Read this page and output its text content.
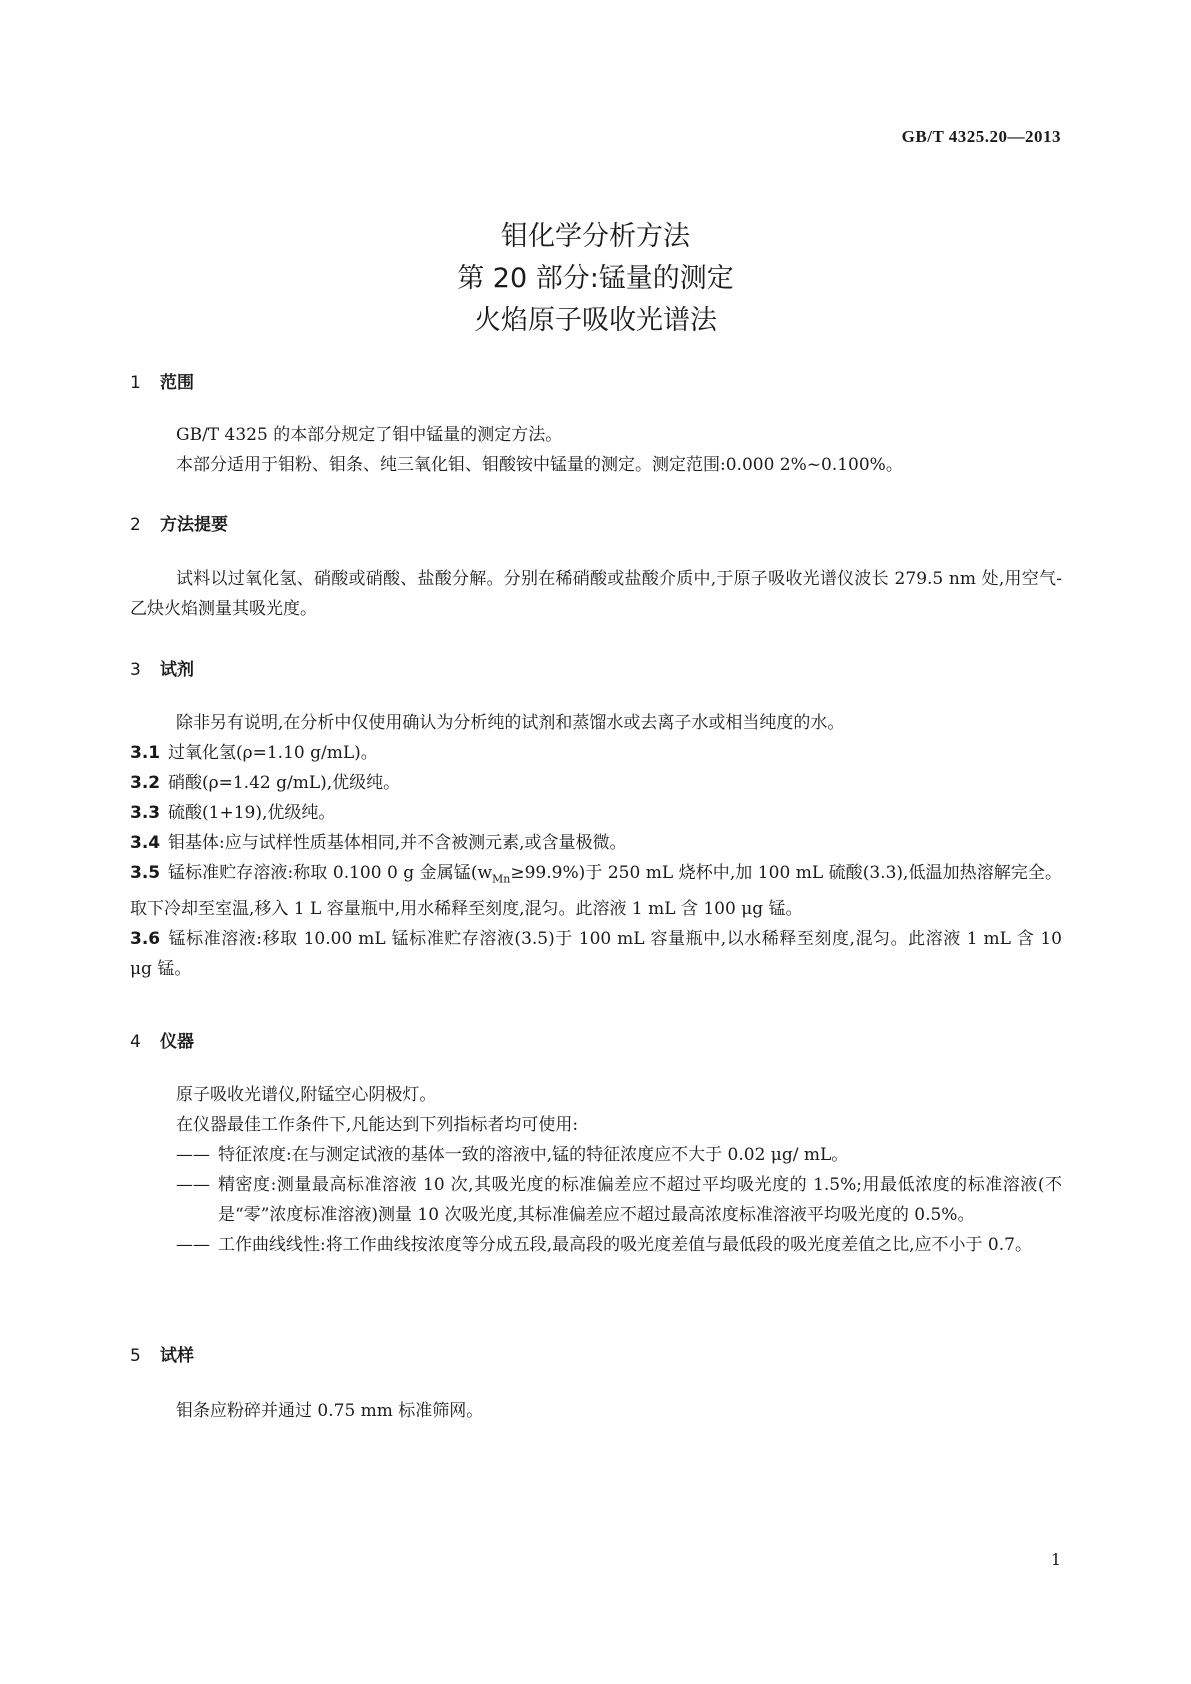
GB/T 4325.20—2013
钼化学分析方法
第 20 部分:锰量的测定
火焰原子吸收光谱法
1 范围
GB/T 4325 的本部分规定了钼中锰量的测定方法。
本部分适用于钼粉、钼条、纯三氧化钼、钼酸铵中锰量的测定。测定范围:0.000 2%~0.100%。
2 方法提要
试料以过氧化氢、硝酸或硝酸、盐酸分解。分别在稀硝酸或盐酸介质中,于原子吸收光谱仪波长 279.5 nm 处,用空气-乙炔火焰测量其吸光度。
3 试剂
除非另有说明,在分析中仅使用确认为分析纯的试剂和蒸馏水或去离子水或相当纯度的水。
3.1 过氧化氢(ρ=1.10 g/mL)。
3.2 硝酸(ρ=1.42 g/mL),优级纯。
3.3 硫酸(1+19),优级纯。
3.4 钼基体:应与试样性质基体相同,并不含被测元素,或含量极微。
3.5 锰标准贮存溶液:称取 0.100 0 g 金属锰$(w_{Mn}\ge 99.9\%)$于 250 mL 烧杯中,加 100 mL 硫酸(3.3),低温加热溶解完全。取下冷却至室温,移入 1 L 容量瓶中,用水稀释至刻度,混匀。此溶液 1 mL 含 100 μg 锰。
3.6 锰标准溶液:移取 10.00 mL 锰标准贮存溶液(3.5)于 100 mL 容量瓶中,以水稀释至刻度,混匀。此溶液 1 mL 含 10 μg 锰。
4 仪器
原子吸收光谱仪,附锰空心阴极灯。
在仪器最佳工作条件下,凡能达到下列指标者均可使用:
—— 特征浓度:在与测定试液的基体一致的溶液中,锰的特征浓度应不大于 0.02 μg/ mL。
—— 精密度:测量最高标准溶液 10 次,其吸光度的标准偏差应不超过平均吸光度的 1.5%;用最低浓度的标准溶液(不是“零”浓度标准溶液)测量 10 次吸光度,其标准偏差应不超过最高浓度标准溶液平均吸光度的 0.5%。
—— 工作曲线线性:将工作曲线按浓度等分成五段,最高段的吸光度差值与最低段的吸光度差值之比,应不小于 0.7。
5 试样
钼条应粉碎并通过 0.75 mm 标准筛网。
1
